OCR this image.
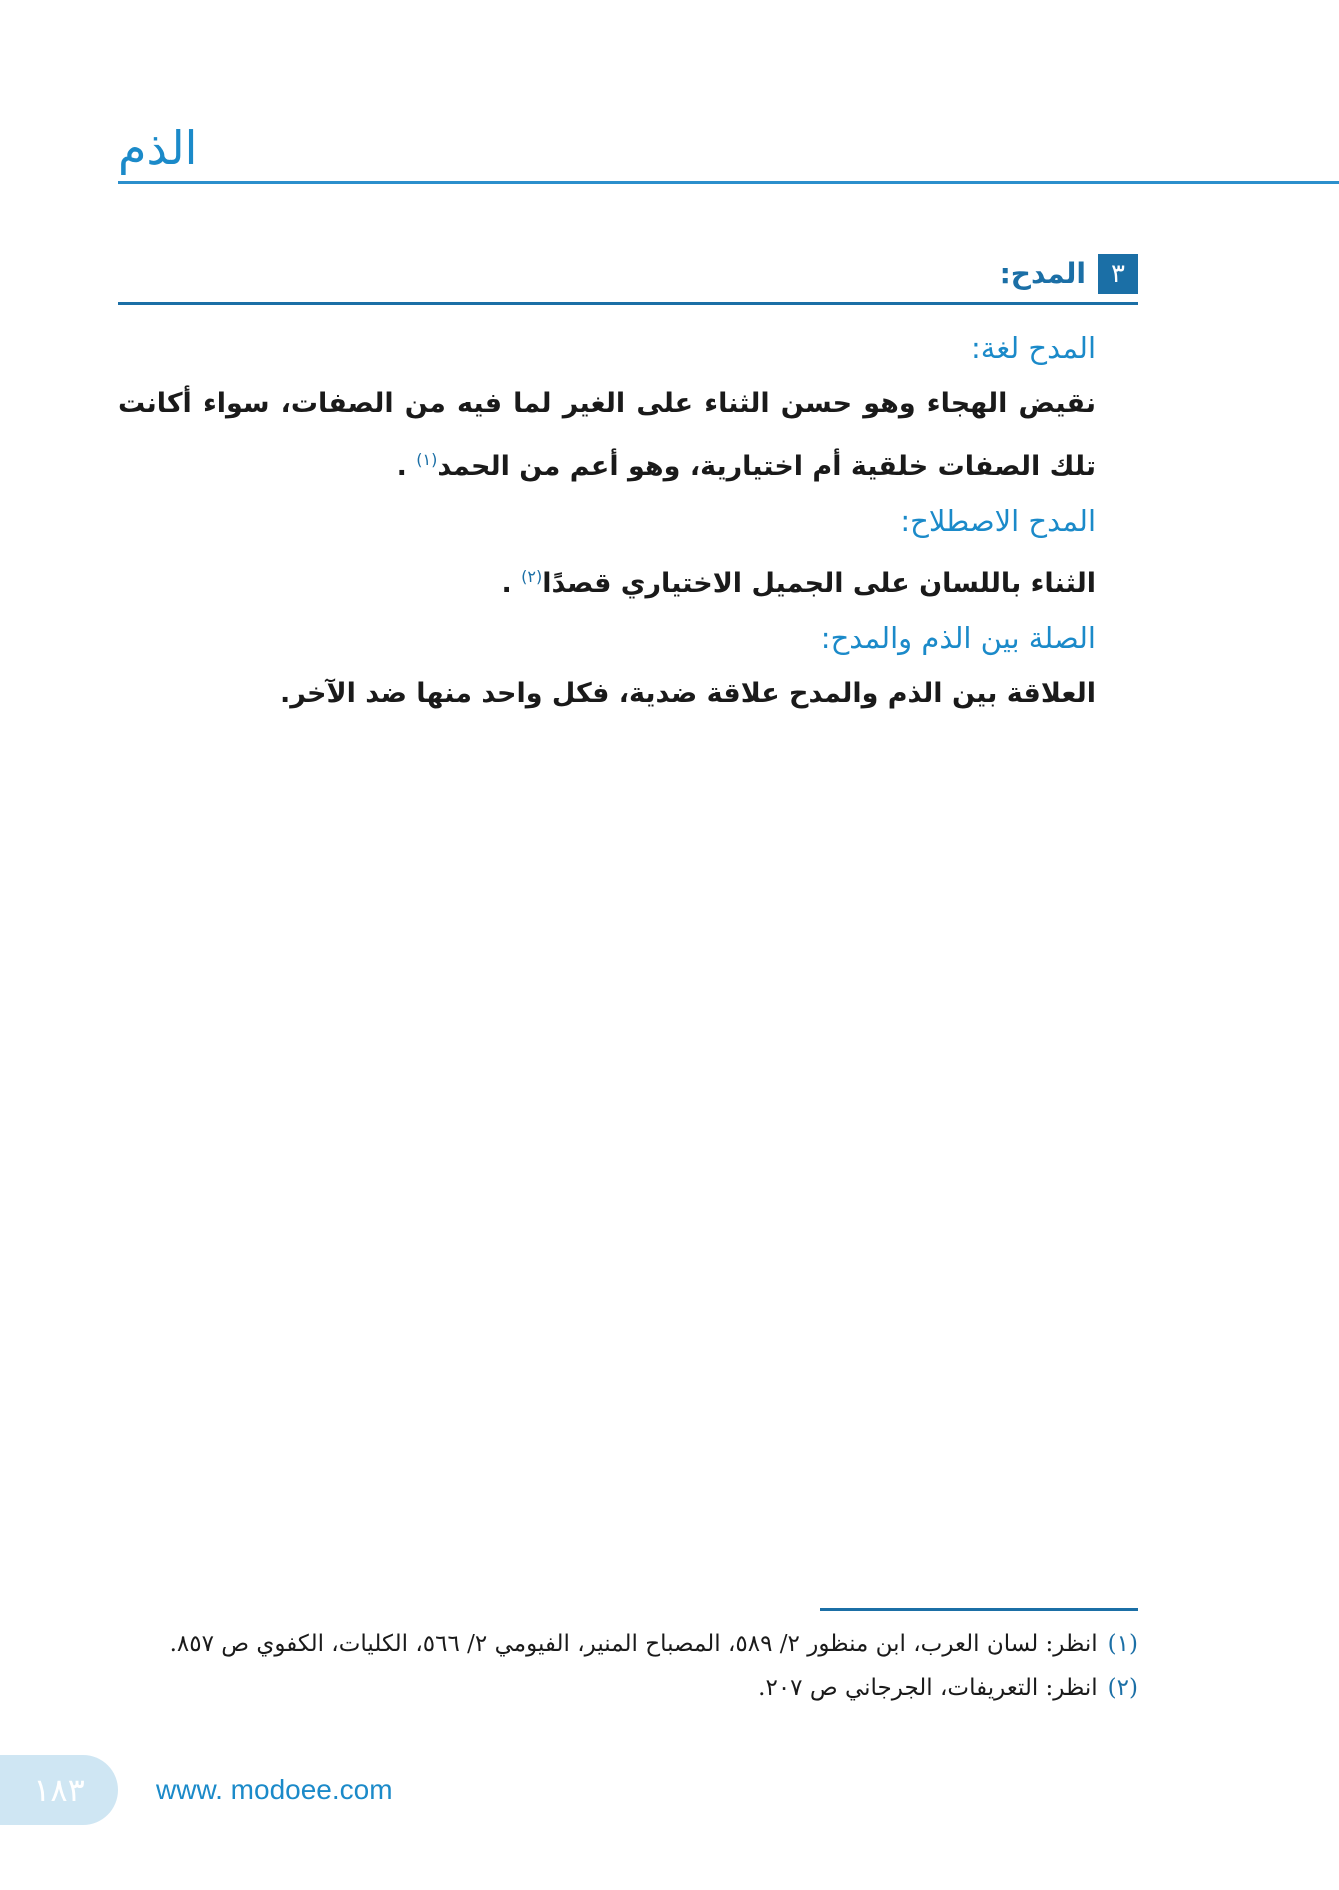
الذم
٣
المدح:
المدح لغة:

نقيض الهجاء وهو حسن الثناء على الغير لما فيه من الصفات، سواء أكانت تلك الصفات خلقية أم اختيارية، وهو أعم من الحمد$^{(١)}$ .

المدح الاصطلاح:

الثناء باللسان على الجميل الاختياري قصدًا$^{(٢)}$ .

الصلة بين الذم والمدح:

العلاقة بين الذم والمدح علاقة ضدية، فكل واحد منها ضد الآخر.

(١)انظر: لسان العرب، ابن منظور ٢/ ٥٨٩، المصباح المنير، الفيومي ٢/ ٥٦٦، الكليات، الكفوي ص ٨٥٧.

(٢)انظر: التعريفات، الجرجاني ص ٢٠٧.

١٨٣	www. modoee.com
